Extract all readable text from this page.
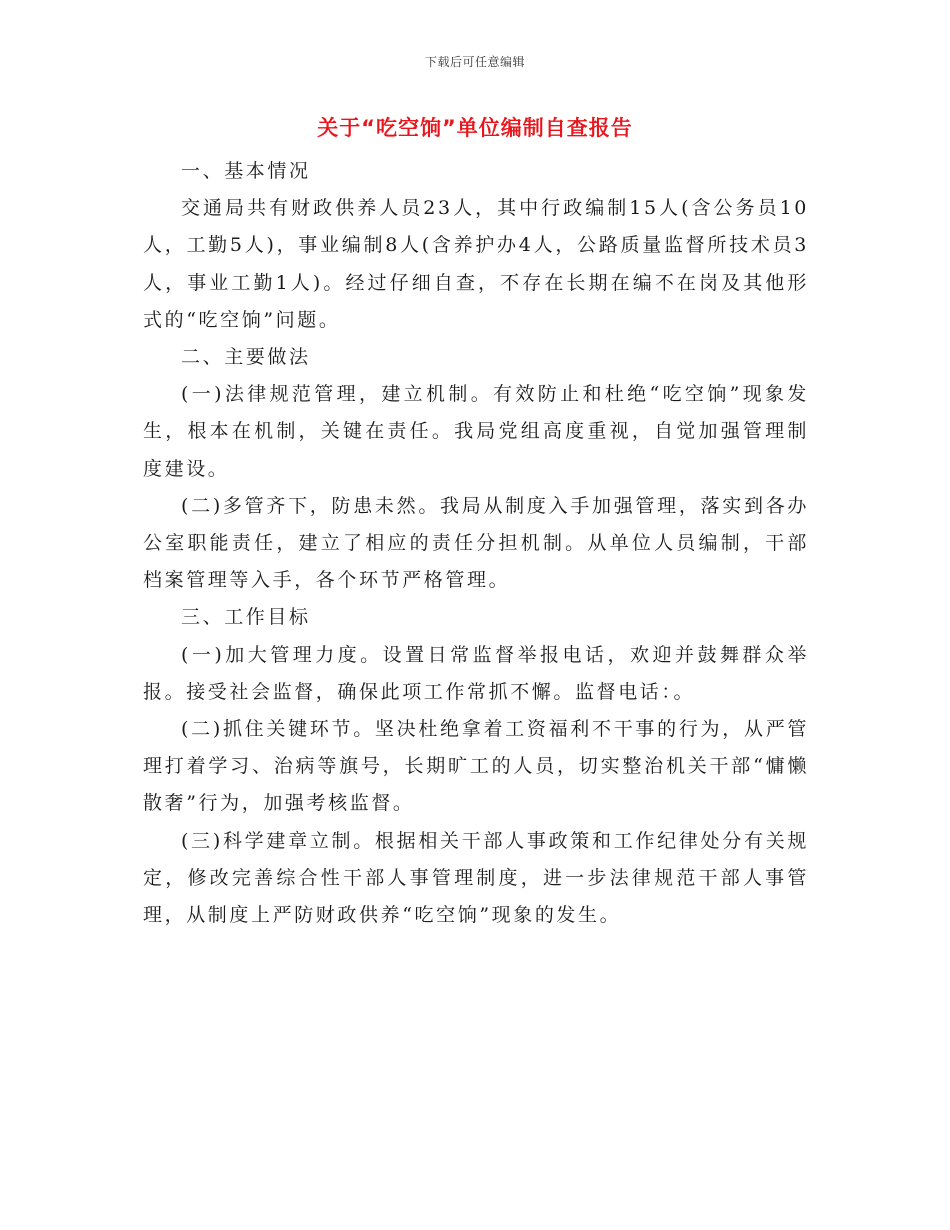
下载后可任意编辑
关于“吃空饷”单位编制自查报告

一、基本情况

交通局共有财政供养人员23人，其中行政编制15人(含公务员10人，工勤5人)，事业编制8人(含养护办4人，公路质量监督所技术员3人，事业工勤1人)。经过仔细自查，不存在长期在编不在岗及其他形式的“吃空饷”问题。

二、主要做法

(一)法律规范管理，建立机制。有效防止和杜绝“吃空饷”现象发生，根本在机制，关键在责任。我局党组高度重视，自觉加强管理制度建设。

(二)多管齐下，防患未然。我局从制度入手加强管理，落实到各办公室职能责任，建立了相应的责任分担机制。从单位人员编制，干部档案管理等入手，各个环节严格管理。

三、工作目标

(一)加大管理力度。设置日常监督举报电话，欢迎并鼓舞群众举报。接受社会监督，确保此项工作常抓不懈。监督电话：。

(二)抓住关键环节。坚决杜绝拿着工资福利不干事的行为，从严管理打着学习、治病等旗号，长期旷工的人员，切实整治机关干部“慵懒散奢”行为，加强考核监督。

(三)科学建章立制。根据相关干部人事政策和工作纪律处分有关规定，修改完善综合性干部人事管理制度，进一步法律规范干部人事管理，从制度上严防财政供养“吃空饷”现象的发生。
